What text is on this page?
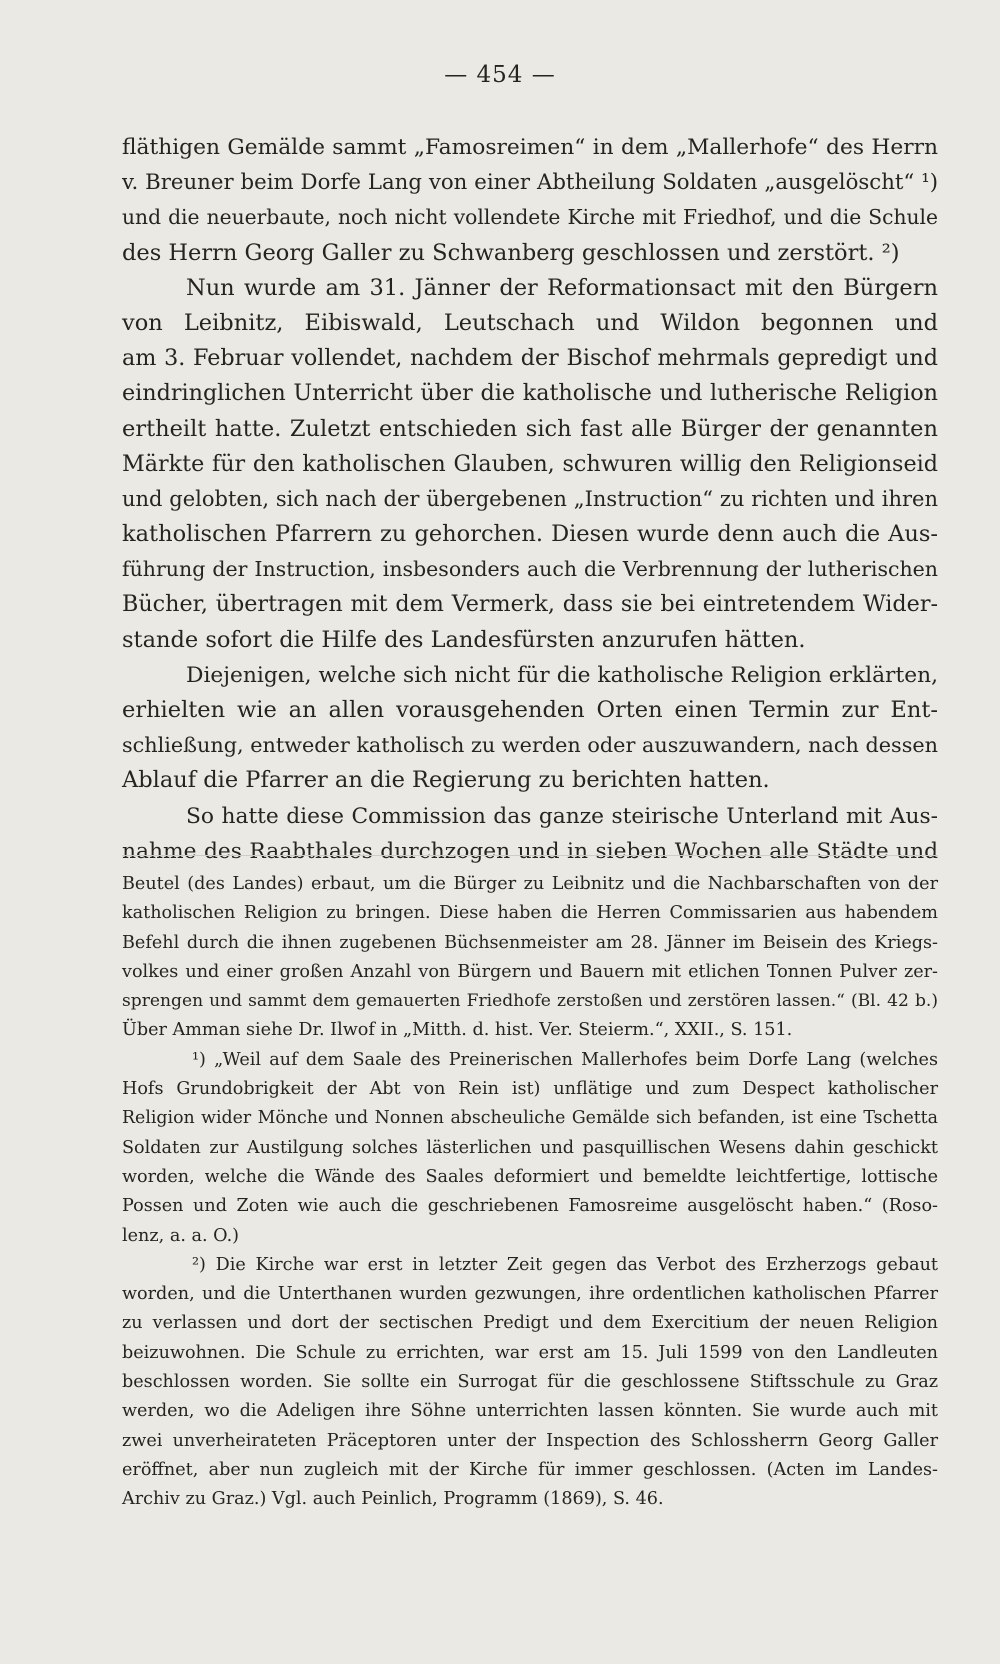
— 454 —
fläthigen Gemälde sammt „Famosreimen“ in dem „Mallerhofe“ des Herrn
v. Breuner beim Dorfe Lang von einer Abtheilung Soldaten „ausgelöscht“ ¹)
und die neuerbaute, noch nicht vollendete Kirche mit Friedhof, und die Schule
des Herrn Georg Galler zu Schwanberg geschlossen und zerstört. ²)
Nun wurde am 31. Jänner der Reformationsact mit den Bürgern
von Leibnitz, Eibiswald, Leutschach und Wildon begonnen und
am 3. Februar vollendet, nachdem der Bischof mehrmals gepredigt und
eindringlichen Unterricht über die katholische und lutherische Religion
ertheilt hatte. Zuletzt entschieden sich fast alle Bürger der genannten
Märkte für den katholischen Glauben, schwuren willig den Religionseid
und gelobten, sich nach der übergebenen „Instruction“ zu richten und ihren
katholischen Pfarrern zu gehorchen. Diesen wurde denn auch die Aus-
führung der Instruction, insbesonders auch die Verbrennung der lutherischen
Bücher, übertragen mit dem Vermerk, dass sie bei eintretendem Wider-
stande sofort die Hilfe des Landesfürsten anzurufen hätten.
Diejenigen, welche sich nicht für die katholische Religion erklärten,
erhielten wie an allen vorausgehenden Orten einen Termin zur Ent-
schließung, entweder katholisch zu werden oder auszuwandern, nach dessen
Ablauf die Pfarrer an die Regierung zu berichten hatten.
So hatte diese Commission das ganze steirische Unterland mit Aus-
nahme des Raabthales durchzogen und in sieben Wochen alle Städte und
Beutel (des Landes) erbaut, um die Bürger zu Leibnitz und die Nachbarschaften von der
katholischen Religion zu bringen. Diese haben die Herren Commissarien aus habendem
Befehl durch die ihnen zugebenen Büchsenmeister am 28. Jänner im Beisein des Kriegs-
volkes und einer großen Anzahl von Bürgern und Bauern mit etlichen Tonnen Pulver zer-
sprengen und sammt dem gemauerten Friedhofe zerstoßen und zerstören lassen.“ (Bl. 42 b.)
Über Amman siehe Dr. Ilwof in „Mitth. d. hist. Ver. Steierm.“, XXII., S. 151.
¹) „Weil auf dem Saale des Preinerischen Mallerhofes beim Dorfe Lang (welches
Hofs Grundobrigkeit der Abt von Rein ist) unflätige und zum Despect katholischer
Religion wider Mönche und Nonnen abscheuliche Gemälde sich befanden, ist eine Tschetta
Soldaten zur Austilgung solches lästerlichen und pasquillischen Wesens dahin geschickt
worden, welche die Wände des Saales deformiert und bemeldte leichtfertige, lottische
Possen und Zoten wie auch die geschriebenen Famosreime ausgelöscht haben.“ (Roso-
lenz, a. a. O.)
²) Die Kirche war erst in letzter Zeit gegen das Verbot des Erzherzogs gebaut
worden, und die Unterthanen wurden gezwungen, ihre ordentlichen katholischen Pfarrer
zu verlassen und dort der sectischen Predigt und dem Exercitium der neuen Religion
beizuwohnen. Die Schule zu errichten, war erst am 15. Juli 1599 von den Landleuten
beschlossen worden. Sie sollte ein Surrogat für die geschlossene Stiftsschule zu Graz
werden, wo die Adeligen ihre Söhne unterrichten lassen könnten. Sie wurde auch mit
zwei unverheirateten Präceptoren unter der Inspection des Schlossherrn Georg Galler
eröffnet, aber nun zugleich mit der Kirche für immer geschlossen. (Acten im Landes-
Archiv zu Graz.) Vgl. auch Peinlich, Programm (1869), S. 46.
